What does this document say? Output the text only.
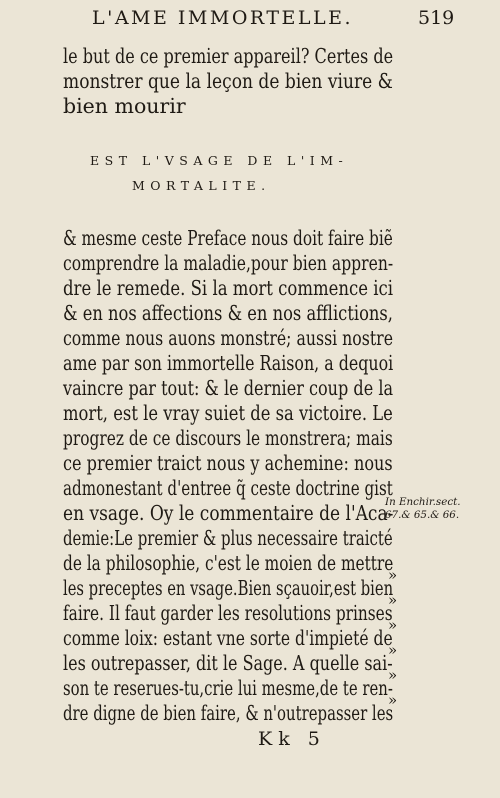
L'AME IMMORTELLE.	519
le but de ce premier appareil? Certes de
monstrer que la leçon de bien viure &
bien mourir
EST L'VSAGE DE L'IM-
MORTALITE.
& mesme ceste Preface nous doit faire biẽ
comprendre la maladie,pour bien appren-
dre le remede. Si la mort commence ici
& en nos affections & en nos afflictions,
comme nous auons monstré; aussi nostre
ame par son immortelle Raison, a dequoi
vaincre par tout: & le dernier coup de la
mort, est le vray suiet de sa victoire. Le
progrez de ce discours le monstrera; mais
ce premier traict nous y achemine: nous
admonestant d'entree q̃ ceste doctrine gist
en vsage. Oy le commentaire de l'Aca-
demie:Le premier & plus necessaire traicté
de la philosophie, c'est le moien de mettre
les preceptes en vsage.Bien sçauoir,est bien
faire. Il faut garder les resolutions prinses
comme loix: estant vne sorte d'impieté de
les outrepasser, dit le Sage. A quelle sai-
son te reserues-tu,crie lui mesme,de te ren-
dre digne de bien faire, & n'outrepasser les
In Enchir.sect.
67.& 65.& 66.
»
»
»
»
»
»
Kk 5
